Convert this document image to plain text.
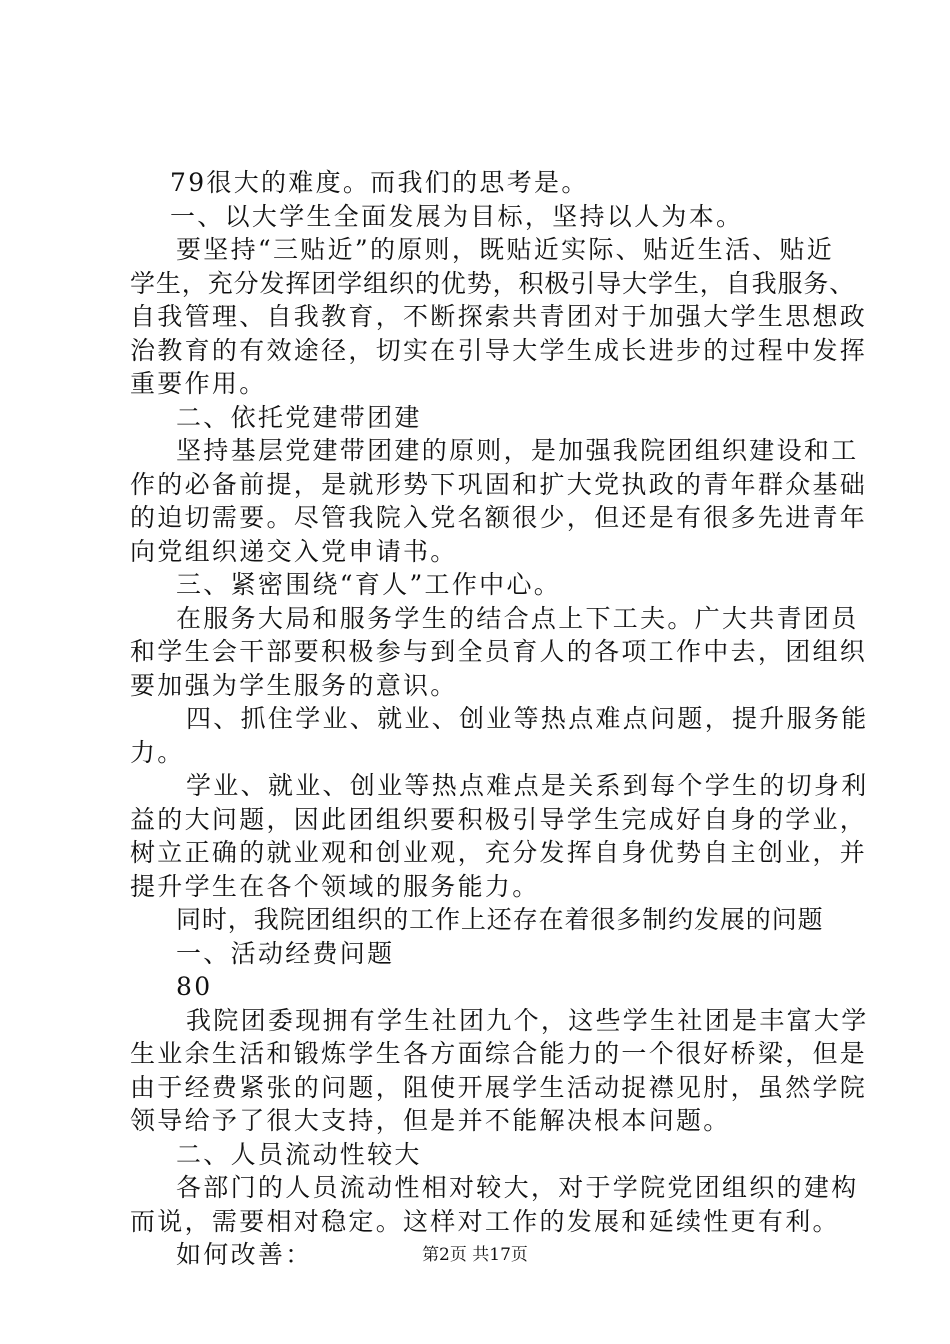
79很大的难度。而我们的思考是。
一、以大学生全面发展为目标，坚持以人为本。
要坚持“三贴近”的原则，既贴近实际、贴近生活、贴近
学生，充分发挥团学组织的优势，积极引导大学生，自我服务、
自我管理、自我教育，不断探索共青团对于加强大学生思想政
治教育的有效途径，切实在引导大学生成长进步的过程中发挥
重要作用。
二、依托党建带团建
坚持基层党建带团建的原则，是加强我院团组织建设和工
作的必备前提，是就形势下巩固和扩大党执政的青年群众基础
的迫切需要。尽管我院入党名额很少，但还是有很多先进青年
向党组织递交入党申请书。
三、紧密围绕“育人”工作中心。
在服务大局和服务学生的结合点上下工夫。广大共青团员
和学生会干部要积极参与到全员育人的各项工作中去，团组织
要加强为学生服务的意识。
四、抓住学业、就业、创业等热点难点问题，提升服务能
力。
学业、就业、创业等热点难点是关系到每个学生的切身利
益的大问题，因此团组织要积极引导学生完成好自身的学业，
树立正确的就业观和创业观，充分发挥自身优势自主创业，并
提升学生在各个领域的服务能力。
同时，我院团组织的工作上还存在着很多制约发展的问题
一、活动经费问题
80
我院团委现拥有学生社团九个，这些学生社团是丰富大学
生业余生活和锻炼学生各方面综合能力的一个很好桥梁，但是
由于经费紧张的问题，阻使开展学生活动捉襟见肘，虽然学院
领导给予了很大支持，但是并不能解决根本问题。
二、人员流动性较大
各部门的人员流动性相对较大，对于学院党团组织的建构
而说，需要相对稳定。这样对工作的发展和延续性更有利。
如何改善：	第2页 共17页
